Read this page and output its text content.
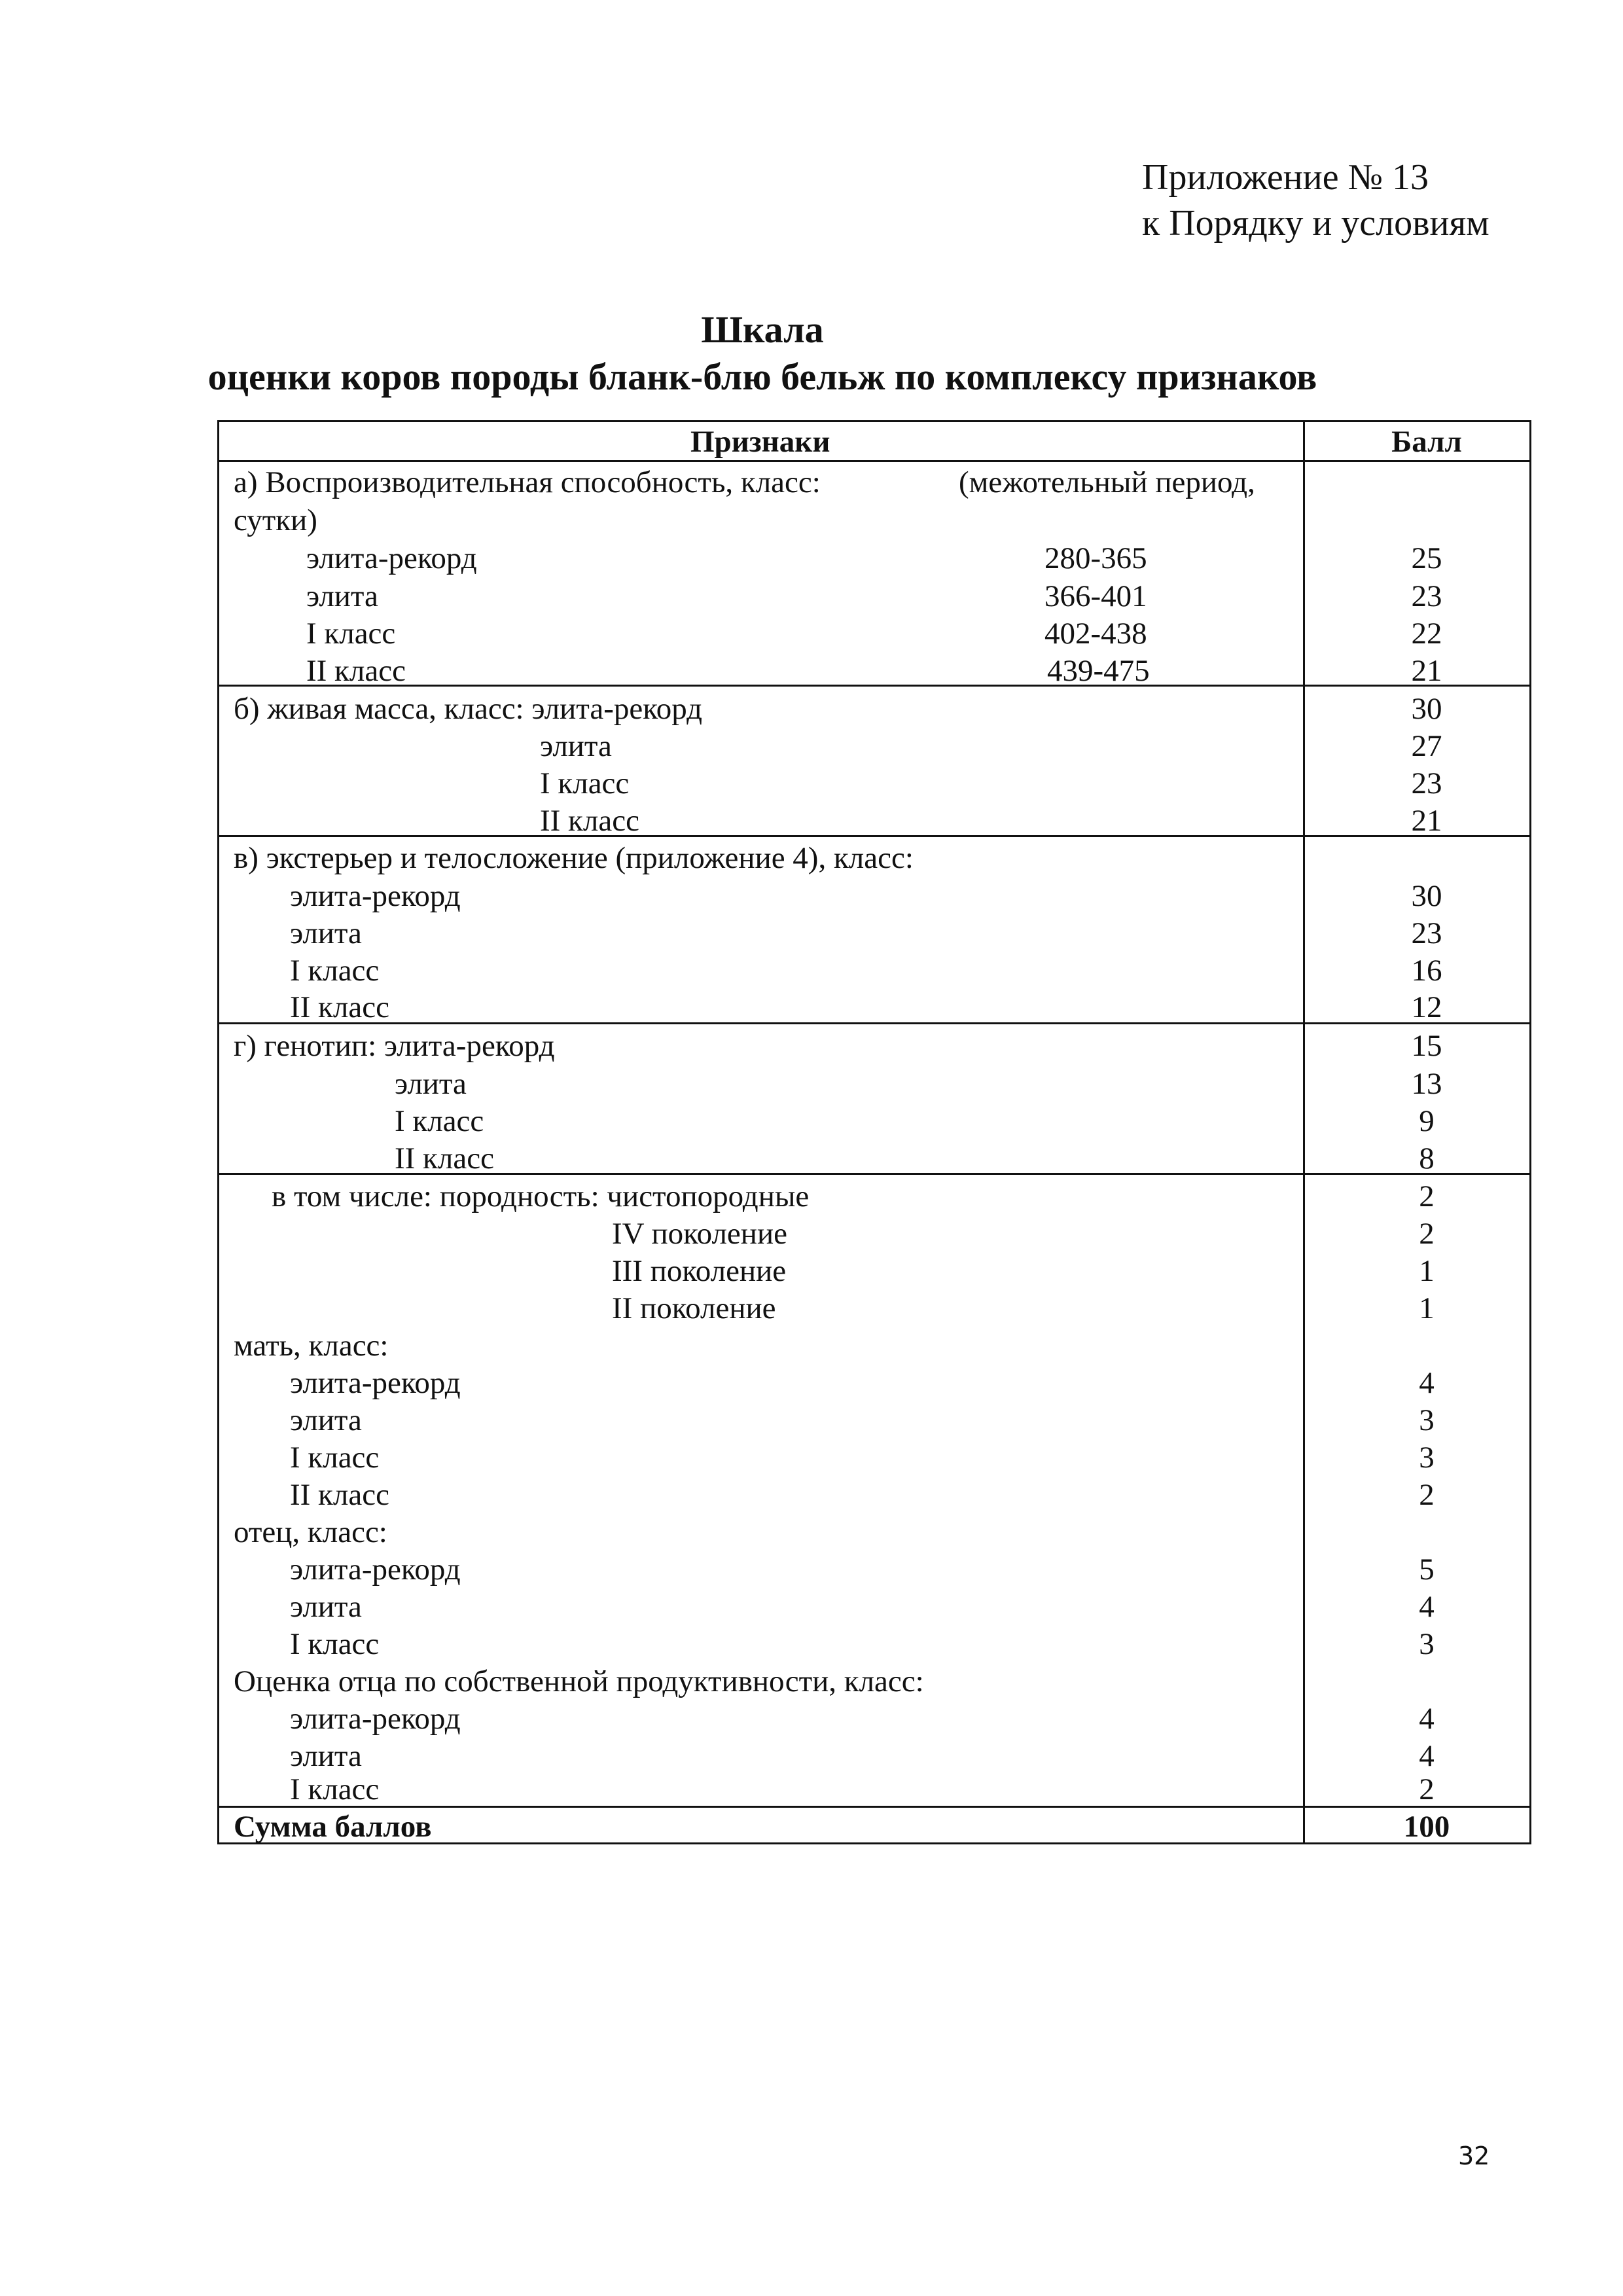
Приложение № 13
к Порядку и условиям
Шкала
оценки коров породы бланк-блю бельж по комплексу признаков
Признаки	Балл
а) Воспроизводительная способность, класс:	(межотельный период,
сутки)
элита-рекорд	280-365	25
элита	366-401	23
I класс	402-438	22
II класс	439-475	21
б) живая масса, класс: элита-рекорд	30
элита	27
I класс	23
II класс	21
в) экстерьер и телосложение (приложение 4), класс:
элита-рекорд	30
элита	23
I класс	16
II класс	12
г) генотип: элита-рекорд	15
элита	13
I класс	9
II класс	8
в том числе: породность: чистопородные	2
IV поколение	2
III поколение	1
II поколение	1
мать, класс:
элита-рекорд	4
элита	3
I класс	3
II класс	2
отец, класс:
элита-рекорд	5
элита	4
I класс	3
Оценка отца по собственной продуктивности, класс:
элита-рекорд	4
элита	4
I класс	2
Сумма баллов	100
32
